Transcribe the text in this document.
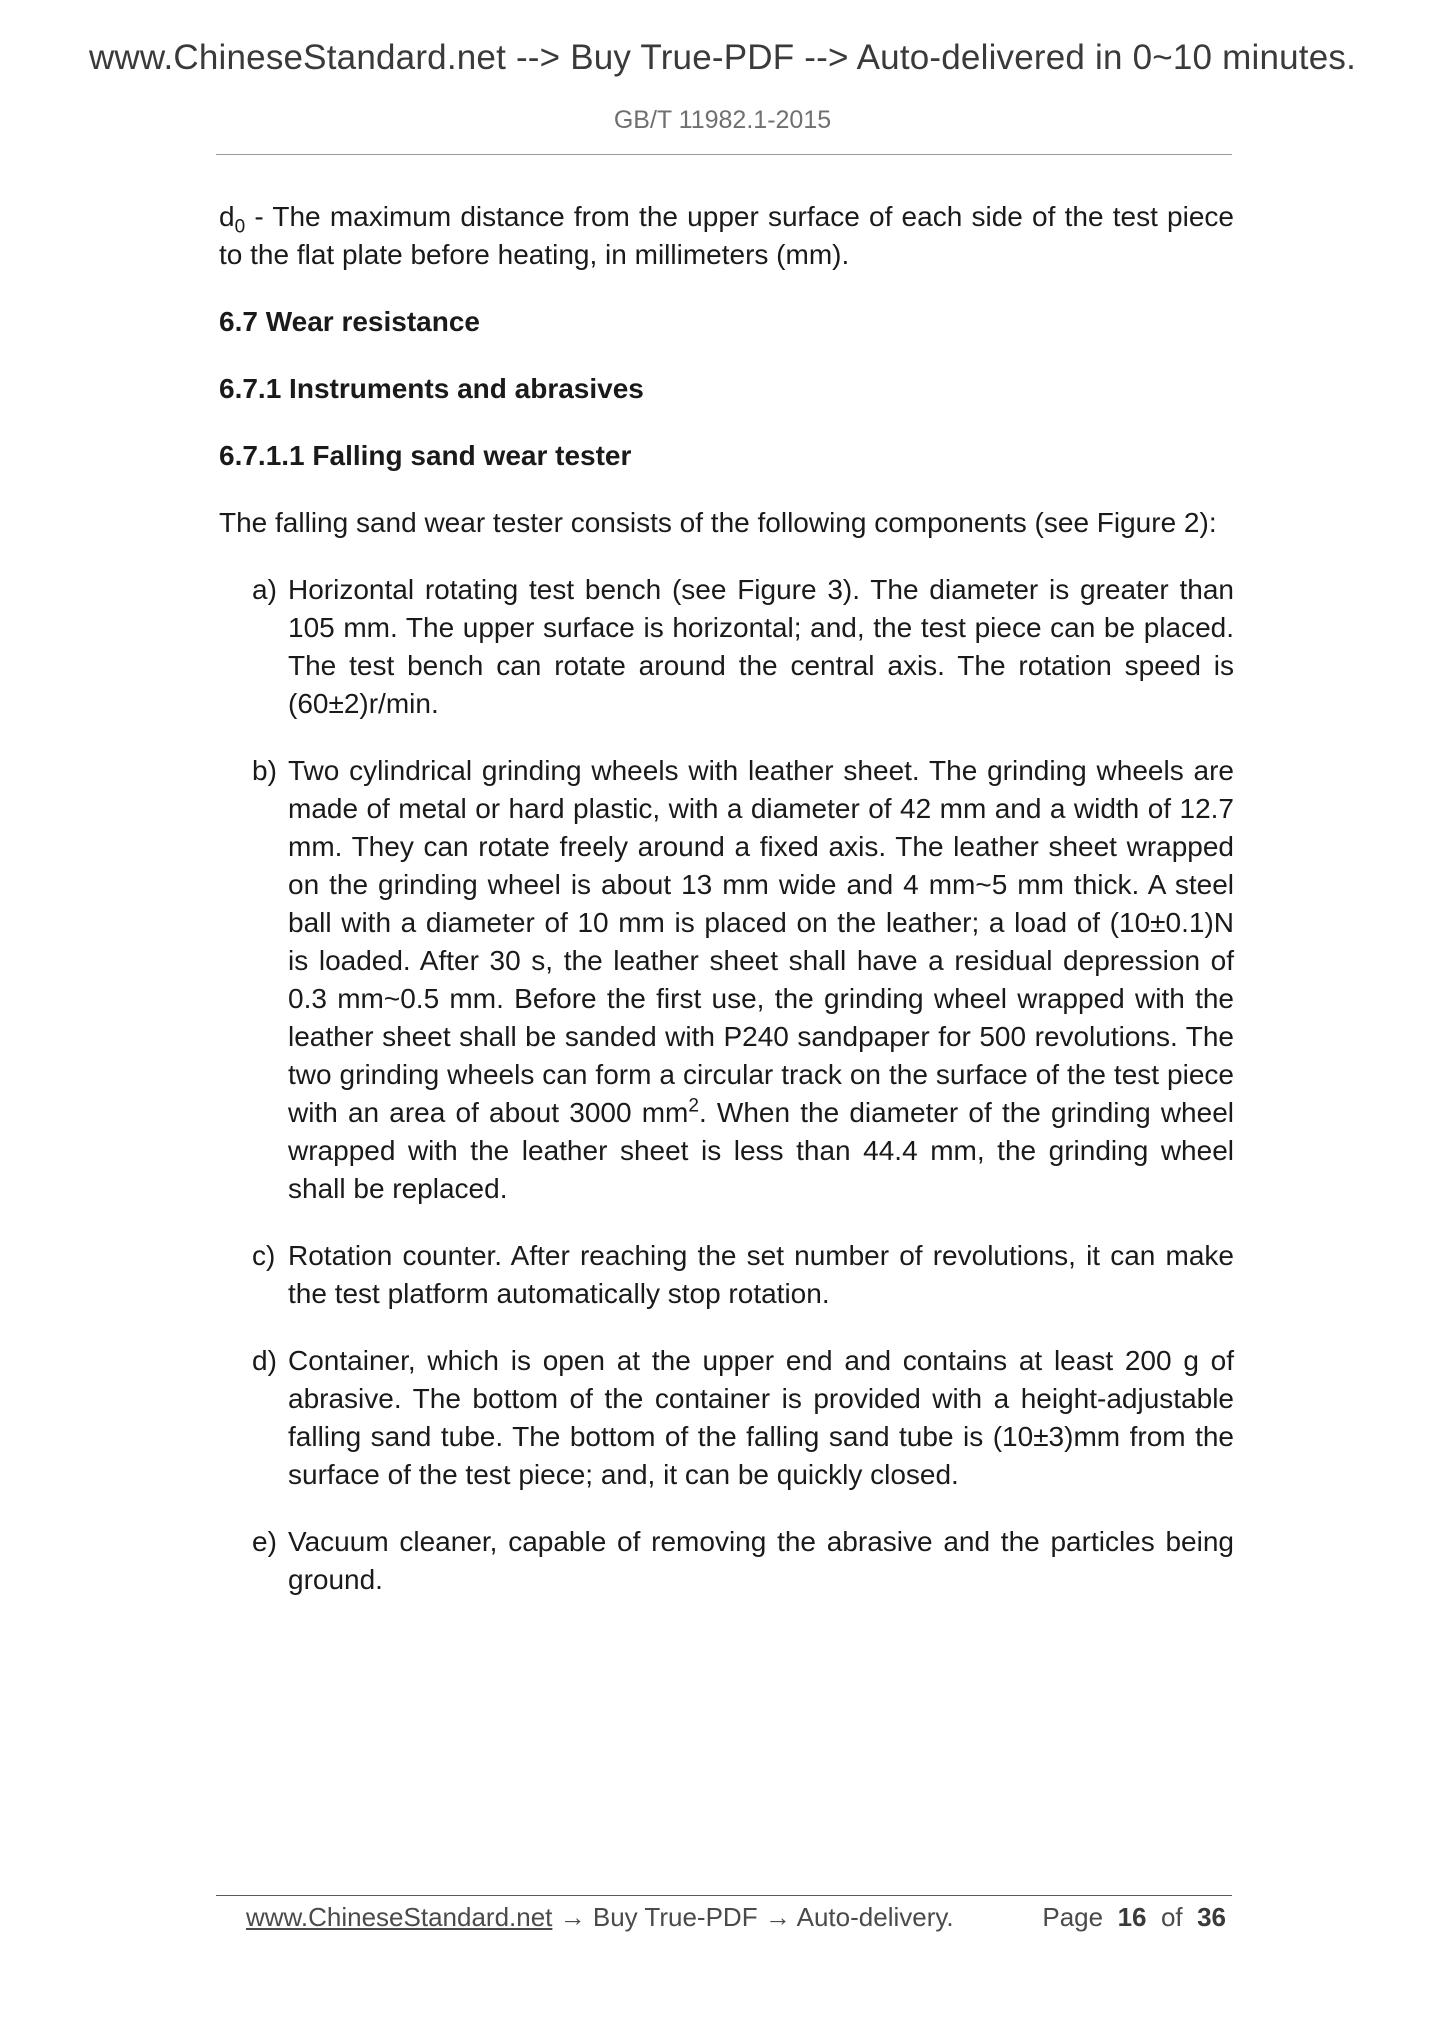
www.ChineseStandard.net --> Buy True-PDF --> Auto-delivered in 0~10 minutes.
GB/T 11982.1-2015

$d_0$ - The maximum distance from the upper surface of each side of the test piece to the flat plate before heating, in millimeters (mm).

6.7 Wear resistance
6.7.1 Instruments and abrasives
6.7.1.1 Falling sand wear tester

The falling sand wear tester consists of the following components (see Figure 2):

a) Horizontal rotating test bench (see Figure 3). The diameter is greater than 105 mm. The upper surface is horizontal; and, the test piece can be placed. The test bench can rotate around the central axis. The rotation speed is (60±2)r/min.
b) Two cylindrical grinding wheels with leather sheet. The grinding wheels are made of metal or hard plastic, with a diameter of 42 mm and a width of 12.7 mm. They can rotate freely around a fixed axis. The leather sheet wrapped on the grinding wheel is about 13 mm wide and 4 mm~5 mm thick. A steel ball with a diameter of 10 mm is placed on the leather; a load of (10±0.1)N is loaded. After 30 s, the leather sheet shall have a residual depression of 0.3 mm~0.5 mm. Before the first use, the grinding wheel wrapped with the leather sheet shall be sanded with P240 sandpaper for 500 revolutions. The two grinding wheels can form a circular track on the surface of the test piece with an area of about 3000 $mm^2$. When the diameter of the grinding wheel wrapped with the leather sheet is less than 44.4 mm, the grinding wheel shall be replaced.
c) Rotation counter. After reaching the set number of revolutions, it can make the test platform automatically stop rotation.
d) Container, which is open at the upper end and contains at least 200 g of abrasive. The bottom of the container is provided with a height-adjustable falling sand tube. The bottom of the falling sand tube is (10±3)mm from the surface of the test piece; and, it can be quickly closed.
e) Vacuum cleaner, capable of removing the abrasive and the particles being ground.
www.ChineseStandard.net → Buy True-PDF → Auto-delivery.	Page 16 of 36
